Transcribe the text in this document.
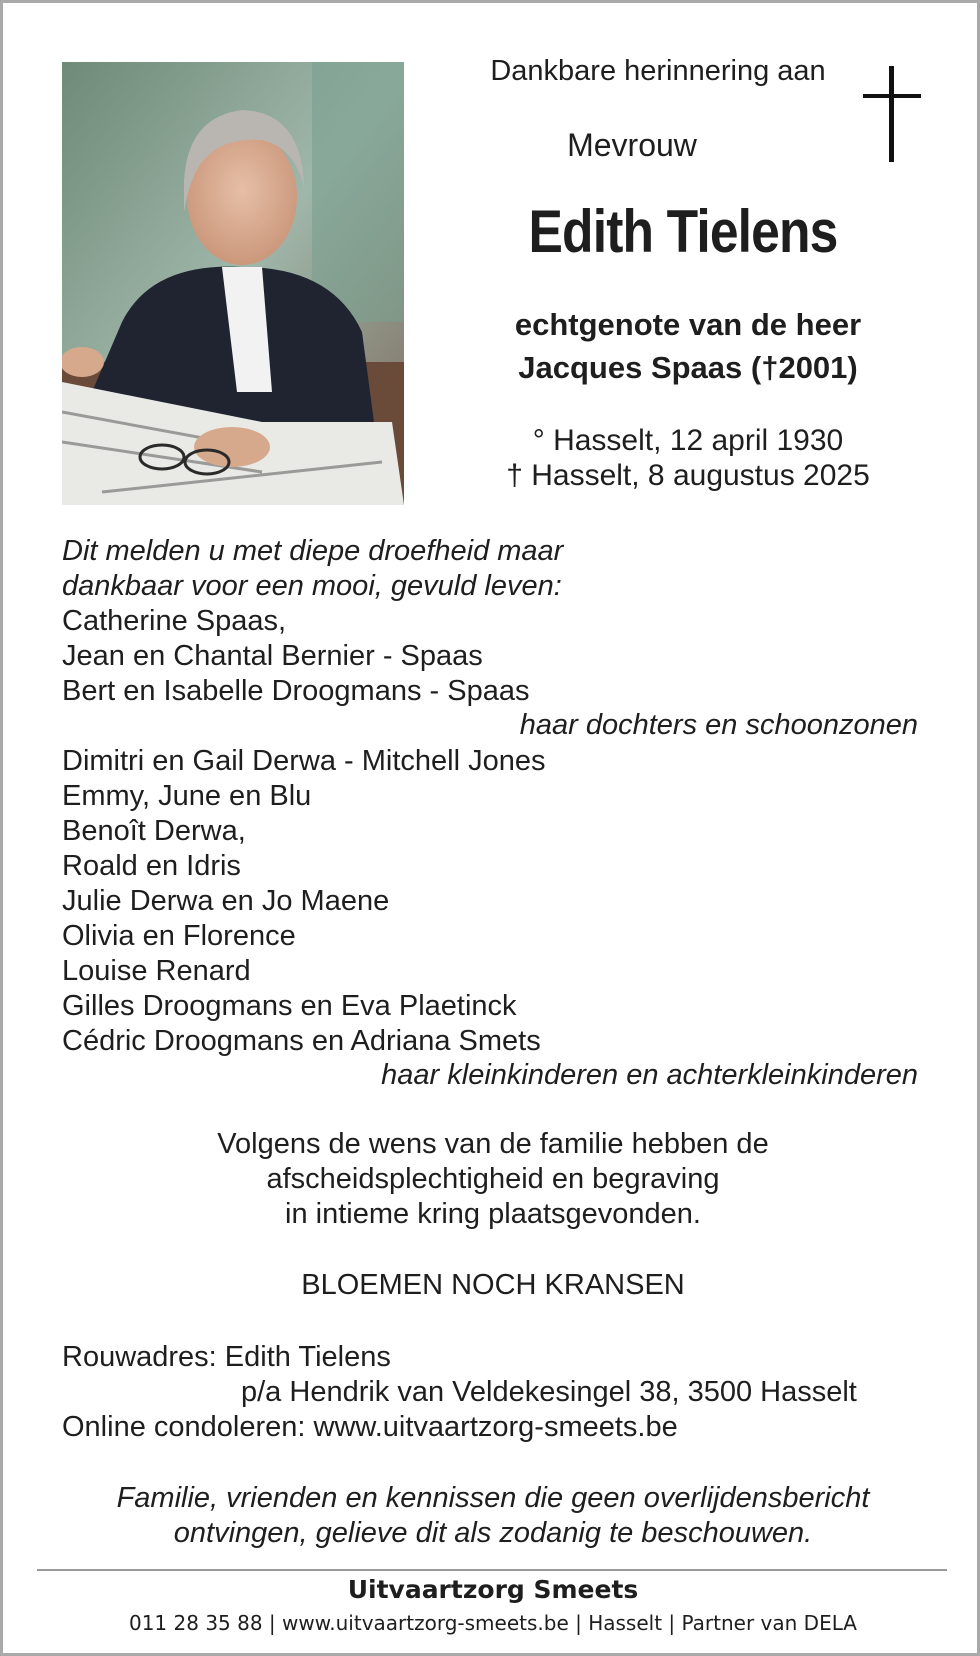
Dankbare herinnering aan
Mevrouw
Edith Tielens
echtgenote van de heer
Jacques Spaas (†2001)
° Hasselt, 12 april 1930
† Hasselt, 8 augustus 2025
Dit melden u met diepe droefheid maar
dankbaar voor een mooi, gevuld leven:
Catherine Spaas,
Jean en Chantal Bernier - Spaas
Bert en Isabelle Droogmans - Spaas
haar dochters en schoonzonen
Dimitri en Gail Derwa - Mitchell Jones
Emmy, June en Blu
Benoît Derwa,
Roald en Idris
Julie Derwa en Jo Maene
Olivia en Florence
Louise Renard
Gilles Droogmans en Eva Plaetinck
Cédric Droogmans en Adriana Smets
haar kleinkinderen en achterkleinkinderen
Volgens de wens van de familie hebben de
afscheidsplechtigheid en begraving
in intieme kring plaatsgevonden.
BLOEMEN NOCH KRANSEN
Rouwadres: Edith Tielens
p/a Hendrik van Veldekesingel 38, 3500 Hasselt
Online condoleren: www.uitvaartzorg-smeets.be
Familie, vrienden en kennissen die geen overlijdensbericht
ontvingen, gelieve dit als zodanig te beschouwen.
Uitvaartzorg Smeets
011 28 35 88 | www.uitvaartzorg-smeets.be | Hasselt | Partner van DELA
